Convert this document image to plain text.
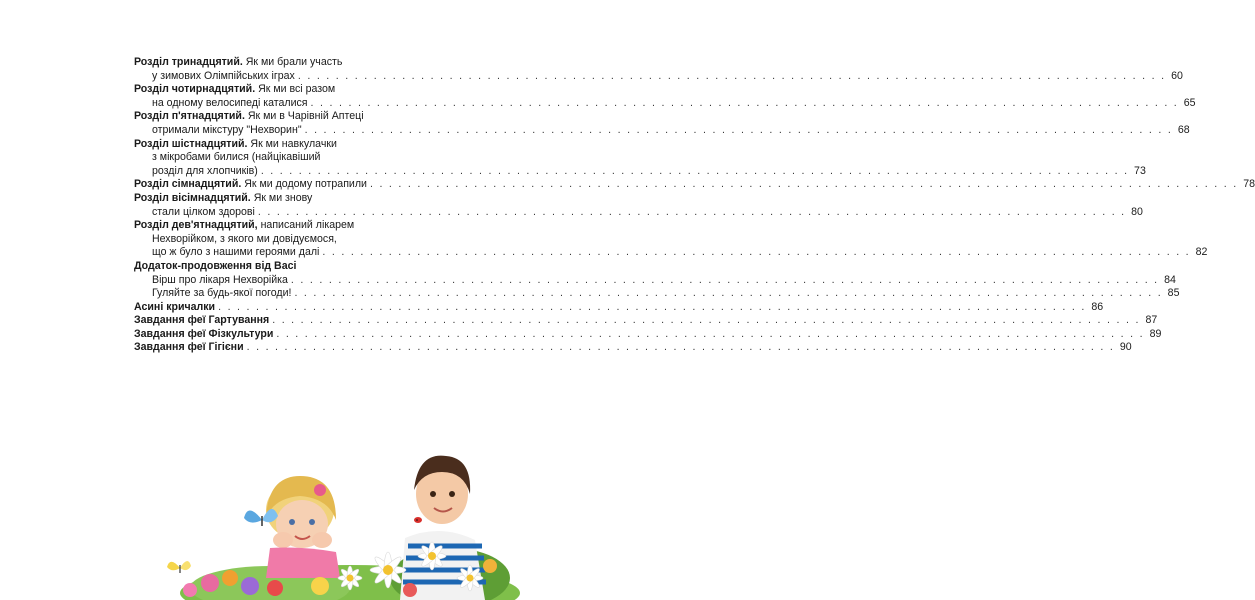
Розділ тринадцятий. Як ми брали участь
у зимових Олімпійських іграх . . .	60
Розділ чотирнадцятий. Як ми всі разом
на одному велосипеді каталися . . .	65
Розділ п'ятнадцятий. Як ми в Чарівній Аптеці
отримали мікстуру "Нехворин" . . .	68
Розділ шістнадцятий. Як ми навкулачки
з мікробами билися (найцікавіший
розділ для хлопчиків) . . .	73
Розділ сімнадцятий. Як ми додому потрапили . . .	78
Розділ вісімнадцятий. Як ми знову
стали цілком здорові . . .	80
Розділ дев'ятнадцятий, написаний лікарем
Нехворійком, з якого ми довідуємося,
що ж було з нашими героями далі . . .	82
Додаток-продовження від Васі
Вірш про лікаря Нехворійка . . .	84
Гуляйте за будь-якої погоди! . . .	85
Асині кричалки . . .	86
Завдання феї Гартування . . .	87
Завдання феї Фізкультури . . .	89
Завдання феї Гігієни . . .	90
